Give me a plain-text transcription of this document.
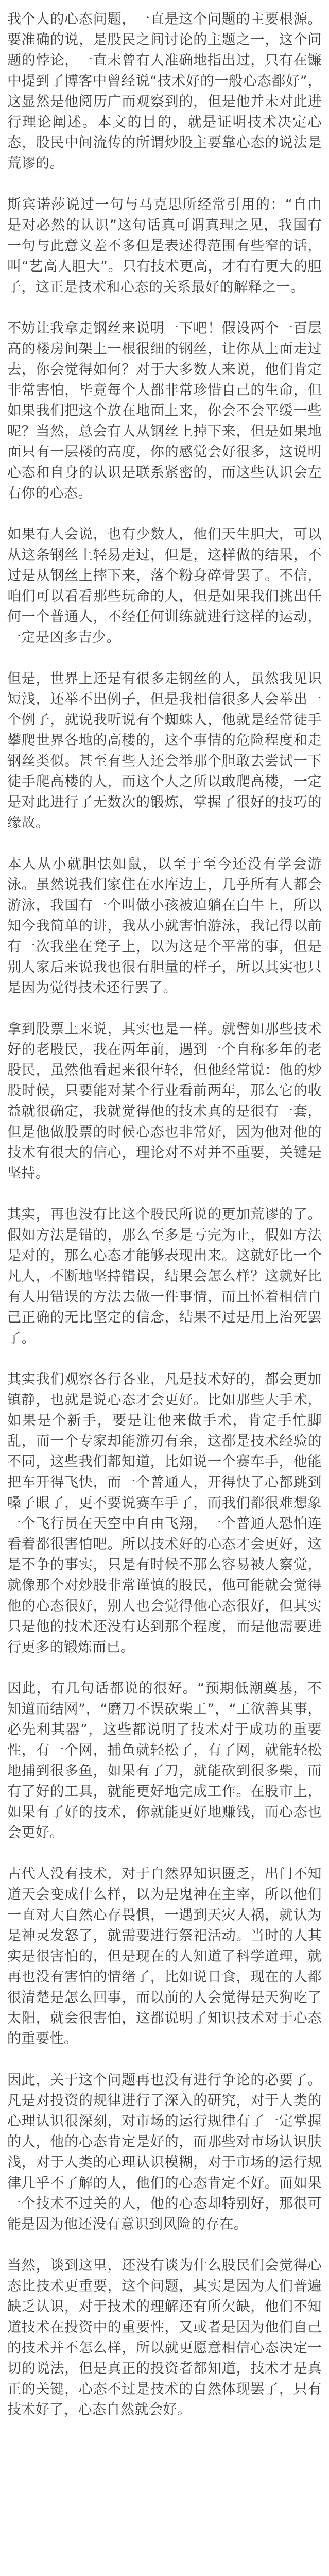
我个人的心态问题，一直是这个问题的主要根源。要准确的说，是股民之间讨论的主题之一，这个问题的悖论，一直未曾有人准确地指出过，只有在镰中提到了博客中曾经说“技术好的一般心态都好”，这显然是他阅历广而观察到的，但是他并未对此进行理论阐述。本文的目的，就是证明技术决定心态，股民中间流传的所谓炒股主要靠心态的说法是荒谬的。

斯宾诺莎说过一句与马克思所经常引用的：“自由是对必然的认识”这句话真可谓真理之见，我国有一句与此意义差不多但是表述得范围有些窄的话，叫“艺高人胆大”。只有技术更高，才有有更大的胆子，这正是技术和心态的关系最好的解释之一。

不妨让我拿走钢丝来说明一下吧！假设两个一百层高的楼房间架上一根很细的钢丝，让你从上面走过去，你会觉得如何？对于大多数人来说，他们肯定非常害怕，毕竟每个人都非常珍惜自己的生命，但如果我们把这个放在地面上来，你会不会平缓一些呢？当然，总会有人从钢丝上掉下来，但是如果地面只有一层楼的高度，你的感觉会好很多，这说明心态和自身的认识是联系紧密的，而这些认识会左右你的心态。

如果有人会说，也有少数人，他们天生胆大，可以从这条钢丝上轻易走过，但是，这样做的结果，不过是从钢丝上摔下来，落个粉身碎骨罢了。不信，咱们可以看看那些玩命的人，但是如果我们挑出任何一个普通人，不经任何训练就进行这样的运动，一定是凶多吉少。

但是，世界上还是有很多走钢丝的人，虽然我见识短浅，还举不出例子，但是我相信很多人会举出一个例子，就说我听说有个蜘蛛人，他就是经常徒手攀爬世界各地的高楼的，这个事情的危险程度和走钢丝类似。甚至有些人还会举那个胆敢去尝试一下徒手爬高楼的人，而这个人之所以敢爬高楼，一定是对此进行了无数次的锻炼，掌握了很好的技巧的缘故。

本人从小就胆怯如鼠，以至于至今还没有学会游泳。虽然说我们家住在水库边上，几乎所有人都会游泳，我国有一个叫做小孩被迫躺在白牛上，所以知今我简单的讲，我从小就害怕游泳，我记得以前有一次我坐在凳子上，以为这是个平常的事，但是别人家后来说我也很有胆量的样子，所以其实也只是因为觉得技术还行罢了。

拿到股票上来说，其实也是一样。就譬如那些技术好的老股民，我在两年前，遇到一个自称多年的老股民，虽然他看起来很年轻，但他经常说：他的炒股时候，只要能对某个行业看前两年，那么它的收益就很确定，我就觉得他的技术真的是很有一套，但是他做股票的时候心态也非常好，因为他对他的技术有很大的信心，理论对不对并不重要，关键是坚持。

其实，再也没有比这个股民所说的更加荒谬的了。假如方法是错的，那么至多是亏完为止，假如方法是对的，那么心态才能够表现出来。这就好比一个凡人，不断地坚持错误，结果会怎么样？这就好比有人用错误的方法去做一件事情，而且怀着相信自己正确的无比坚定的信念，结果不过是用上治死罢了。

其实我们观察各行各业，凡是技术好的，都会更加镇静，也就是说心态才会更好。比如那些大手术，如果是个新手，要是让他来做手术，肯定手忙脚乱，而一个专家却能游刃有余，这都是技术经验的不同，这些我们都知道，比如说一个赛车手，他能把车开得飞快，而一个普通人，开得快了心都跳到嗓子眼了，更不要说赛车手了，而我们都很难想象一个飞行员在天空中自由飞翔，一个普通人恐怕连看着都很害怕吧。所以技术好的心态才会更好，这是不争的事实，只是有时候不那么容易被人察觉，就像那个对炒股非常谨慎的股民，他可能就会觉得他的心态很好，别人也会觉得他心态很好，但其实只是他的技术还没有达到那个程度，而是他需要进行更多的锻炼而已。

因此，有几句话都说的很好。“预期低潮奠基，不知道而结网”，“磨刀不误砍柴工”，“工欲善其事，必先利其器”，这些都说明了技术对于成功的重要性，有一个网，捕鱼就轻松了，有了网，就能轻松地捕到很多鱼，如果有了刀，就能砍到很多柴，而有了好的工具，就能更好地完成工作。在股市上，如果有了好的技术，你就能更好地赚钱，而心态也会更好。

古代人没有技术，对于自然界知识匮乏，出门不知道天会变成什么样，以为是鬼神在主宰，所以他们一直对大自然心存畏惧，一遇到天灾人祸，就认为是神灵发怒了，就需要进行祭祀活动。当时的人其实是很害怕的，但是现在的人知道了科学道理，就再也没有害怕的情绪了，比如说日食，现在的人都很清楚是怎么回事，而以前的人会觉得是天狗吃了太阳，就会很害怕，这都说明了知识技术对于心态的重要性。

因此，关于这个问题再也没有进行争论的必要了。凡是对投资的规律进行了深入的研究，对于人类的心理认识很深刻，对市场的运行规律有了一定掌握的人，他的心态肯定是好的，而那些对市场认识肤浅，对于人类的心理认识模糊，对于市场的运行规律几乎不了解的人，他们的心态肯定不好。而如果一个技术不过关的人，他的心态却特别好，那很可能是因为他还没有意识到风险的存在。

当然，谈到这里，还没有谈为什么股民们会觉得心态比技术更重要，这个问题，其实是因为人们普遍缺乏认识，对于技术的理解还有所欠缺，他们不知道技术在投资中的重要性，又或者是因为他们自己的技术并不怎么样，所以就更愿意相信心态决定一切的说法，但是真正的投资者都知道，技术才是真正的关键，心态不过是技术的自然体现罢了，只有技术好了，心态自然就会好。
